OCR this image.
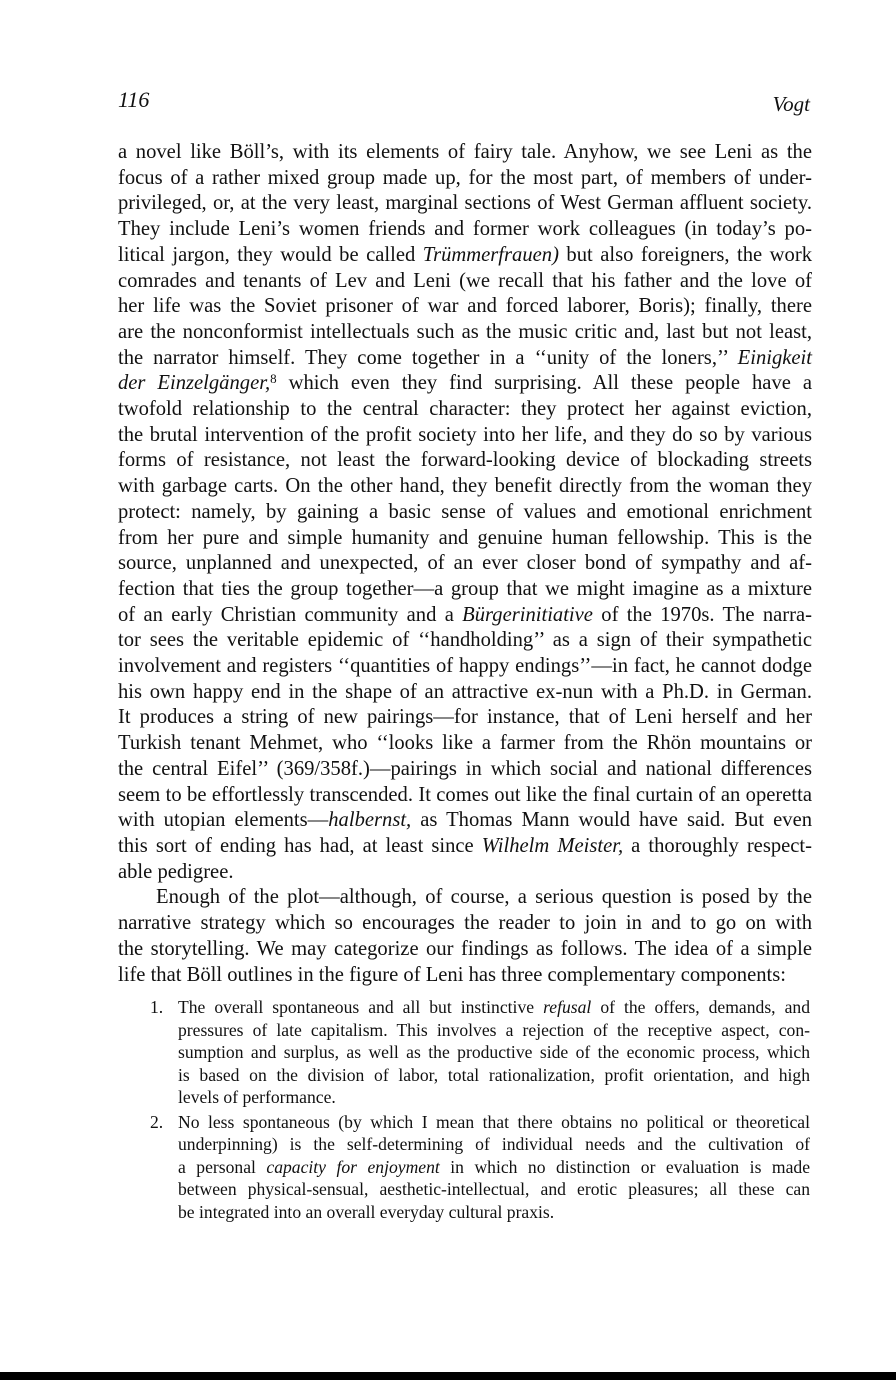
116	Vogt
a novel like Böll’s, with its elements of fairy tale. Anyhow, we see Leni as the
focus of a rather mixed group made up, for the most part, of members of under-
privileged, or, at the very least, marginal sections of West German affluent society.
They include Leni’s women friends and former work colleagues (in today’s po-
litical jargon, they would be called Trümmerfrauen) but also foreigners, the work
comrades and tenants of Lev and Leni (we recall that his father and the love of
her life was the Soviet prisoner of war and forced laborer, Boris); finally, there
are the nonconformist intellectuals such as the music critic and, last but not least,
the narrator himself. They come together in a ‘‘unity of the loners,’’ Einigkeit
der Einzelgänger,$^8$ which even they find surprising. All these people have a
twofold relationship to the central character: they protect her against eviction,
the brutal intervention of the profit society into her life, and they do so by various
forms of resistance, not least the forward-looking device of blockading streets
with garbage carts. On the other hand, they benefit directly from the woman they
protect: namely, by gaining a basic sense of values and emotional enrichment
from her pure and simple humanity and genuine human fellowship. This is the
source, unplanned and unexpected, of an ever closer bond of sympathy and af-
fection that ties the group together—a group that we might imagine as a mixture
of an early Christian community and a Bürgerinitiative of the 1970s. The narra-
tor sees the veritable epidemic of ‘‘handholding’’ as a sign of their sympathetic
involvement and registers ‘‘quantities of happy endings’’—in fact, he cannot dodge
his own happy end in the shape of an attractive ex-nun with a Ph.D. in German.
It produces a string of new pairings—for instance, that of Leni herself and her
Turkish tenant Mehmet, who ‘‘looks like a farmer from the Rhön mountains or
the central Eifel’’ (369/358f.)—pairings in which social and national differences
seem to be effortlessly transcended. It comes out like the final curtain of an operetta
with utopian elements—halbernst, as Thomas Mann would have said. But even
this sort of ending has had, at least since Wilhelm Meister, a thoroughly respect-
able pedigree.
Enough of the plot—although, of course, a serious question is posed by the
narrative strategy which so encourages the reader to join in and to go on with
the storytelling. We may categorize our findings as follows. The idea of a simple
life that Böll outlines in the figure of Leni has three complementary components:
1. The overall spontaneous and all but instinctive refusal of the offers, demands, and
pressures of late capitalism. This involves a rejection of the receptive aspect, con-
sumption and surplus, as well as the productive side of the economic process, which
is based on the division of labor, total rationalization, profit orientation, and high
levels of performance.
2. No less spontaneous (by which I mean that there obtains no political or theoretical
underpinning) is the self-determining of individual needs and the cultivation of
a personal capacity for enjoyment in which no distinction or evaluation is made
between physical-sensual, aesthetic-intellectual, and erotic pleasures; all these can
be integrated into an overall everyday cultural praxis.
